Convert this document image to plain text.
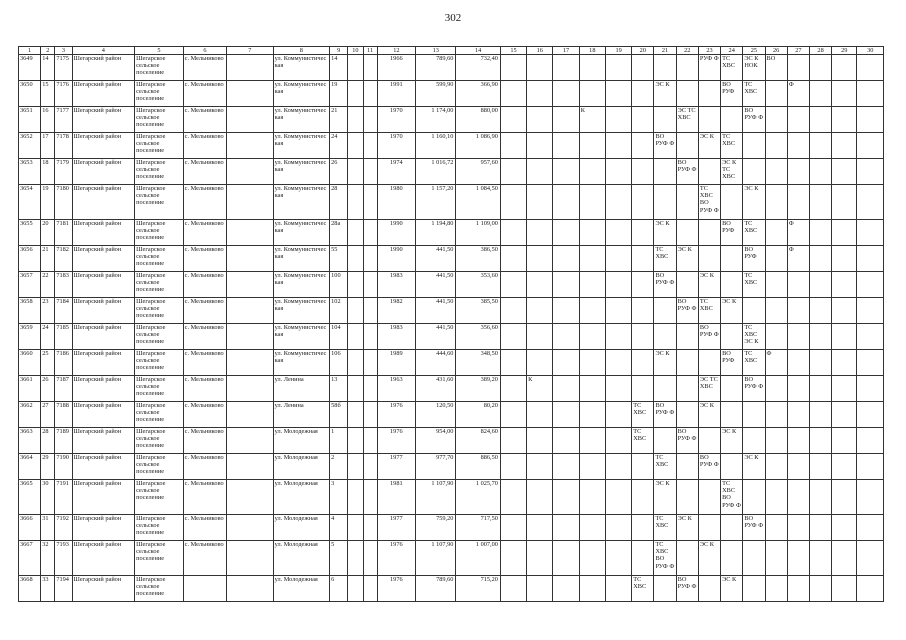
302
1	2	3	4	5	6	7	8	9	10	11	12	13	14	15	16	17	18	19	20	21	22	23	24	25	26	27	28	29	30
3649	14	7175	Шегарский район	Шегарское сельское поселение	с. Мельниково		ул. Коммунистичес кая	14			1966	789,60	732,40									РУФ Ф	ТС ХВС	ЭС К НОК	ВО				
3650	15	7176	Шегарский район	Шегарское сельское поселение	с. Мельниково		ул. Коммунистичес кая	19			1991	599,90	366,90							ЭС К			ВО РУФ	ТС ХВС		Ф			
3651	16	7177	Шегарский район	Шегарское сельское поселение	с. Мельниково		ул. Коммунистичес кая	21			1970	1 174,00	880,00				К				ЭС ТС ХВС			ВО РУФ Ф					
3652	17	7178	Шегарский район	Шегарское сельское поселение	с. Мельниково		ул. Коммунистичес кая	24			1970	1 160,10	1 086,90							ВО РУФ Ф		ЭС К	ТС ХВС						
3653	18	7179	Шегарский район	Шегарское сельское поселение	с. Мельниково		ул. Коммунистичес кая	26			1974	1 016,72	957,60								ВО РУФ Ф		ЭС К ТС ХВС						
3654	19	7180	Шегарский район	Шегарское сельское поселение	с. Мельниково		ул. Коммунистичес кая	28			1980	1 157,20	1 084,50									ТС ХВС ВО РУФ Ф		ЭС К					
3655	20	7181	Шегарский район	Шегарское сельское поселение	с. Мельниково		ул. Коммунистичес кая	28а			1990	1 194,80	1 109,00							ЭС К			ВО РУФ	ТС ХВС		Ф			
3656	21	7182	Шегарский район	Шегарское сельское поселение	с. Мельниково		ул. Коммунистичес кая	55			1990	441,50	386,50							ТС ХВС	ЭС К			ВО РУФ		Ф			
3657	22	7183	Шегарский район	Шегарское сельское поселение	с. Мельниково		ул. Коммунистичес кая	100			1983	441,50	353,60							ВО РУФ Ф		ЭС К		ТС ХВС					
3658	23	7184	Шегарский район	Шегарское сельское поселение	с. Мельниково		ул. Коммунистичес кая	102			1982	441,50	385,50								ВО РУФ Ф	ТС ХВС	ЭС К						
3659	24	7185	Шегарский район	Шегарское сельское поселение	с. Мельниково		ул. Коммунистичес кая	104			1983	441,50	356,60									ВО РУФ Ф		ТС ХВС ЭС К					
3660	25	7186	Шегарский район	Шегарское сельское поселение	с. Мельниково		ул. Коммунистичес кая	106			1989	444,60	348,50							ЭС К			ВО РУФ	ТС ХВС	Ф				
3661	26	7187	Шегарский район	Шегарское сельское поселение	с. Мельниково		ул. Ленина	13			1963	431,60	389,20		К							ЭС ТС ХВС		ВО РУФ Ф					
3662	27	7188	Шегарский район	Шегарское сельское поселение	с. Мельниково		ул. Ленина	58б			1976	120,50	80,20						ТС ХВС	ВО РУФ Ф		ЭС К							
3663	28	7189	Шегарский район	Шегарское сельское поселение	с. Мельниково		ул. Молодежная	1			1976	954,00	824,60						ТС ХВС		ВО РУФ Ф		ЭС К						
3664	29	7190	Шегарский район	Шегарское сельское поселение	с. Мельниково		ул. Молодежная	2			1977	977,70	886,50							ТС ХВС		ВО РУФ Ф		ЭС К					
3665	30	7191	Шегарский район	Шегарское сельское поселение	с. Мельниково		ул. Молодежная	3			1981	1 107,90	1 025,70							ЭС К			ТС ХВС ВО РУФ Ф						
3666	31	7192	Шегарский район	Шегарское сельское поселение	с. Мельниково		ул. Молодежная	4			1977	759,20	717,50							ТС ХВС	ЭС К			ВО РУФ Ф					
3667	32	7193	Шегарский район	Шегарское сельское поселение	с. Мельниково		ул. Молодежная	5			1976	1 107,90	1 007,00							ТС ХВС ВО РУФ Ф		ЭС К							
3668	33	7194	Шегарский район	Шегарское сельское поселение			ул. Молодежная	6			1976	789,60	715,20						ТС ХВС		ВО РУФ Ф		ЭС К						
